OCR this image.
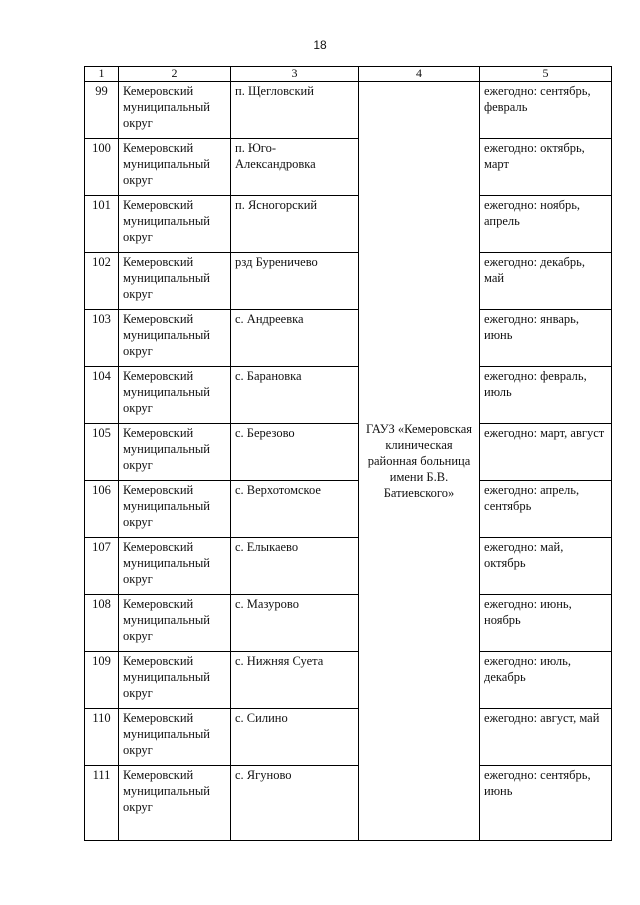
18
1	2	3	4	5
99	Кемеровский муниципальный округ	п. Щегловский	ГАУЗ «Кемеровская клиническая районная больница имени Б.В. Батиевского»	ежегодно: сентябрь, февраль
100	Кемеровский муниципальный округ	п. Юго-Александровка		ежегодно: октябрь, март
101	Кемеровский муниципальный округ	п. Ясногорский		ежегодно: ноябрь, апрель
102	Кемеровский муниципальный округ	рзд Буреничево		ежегодно: декабрь, май
103	Кемеровский муниципальный округ	с. Андреевка		ежегодно: январь, июнь
104	Кемеровский муниципальный округ	с. Барановка		ежегодно: февраль, июль
105	Кемеровский муниципальный округ	с. Березово		ежегодно: март, август
106	Кемеровский муниципальный округ	с. Верхотомское		ежегодно: апрель, сентябрь
107	Кемеровский муниципальный округ	с. Елыкаево		ежегодно: май, октябрь
108	Кемеровский муниципальный округ	с. Мазурово		ежегодно: июнь, ноябрь
109	Кемеровский муниципальный округ	с. Нижняя Суета		ежегодно: июль, декабрь
110	Кемеровский муниципальный округ	с. Силино		ежегодно: август, май
111	Кемеровский муниципальный округ	с. Ягуново		ежегодно: сентябрь, июнь
